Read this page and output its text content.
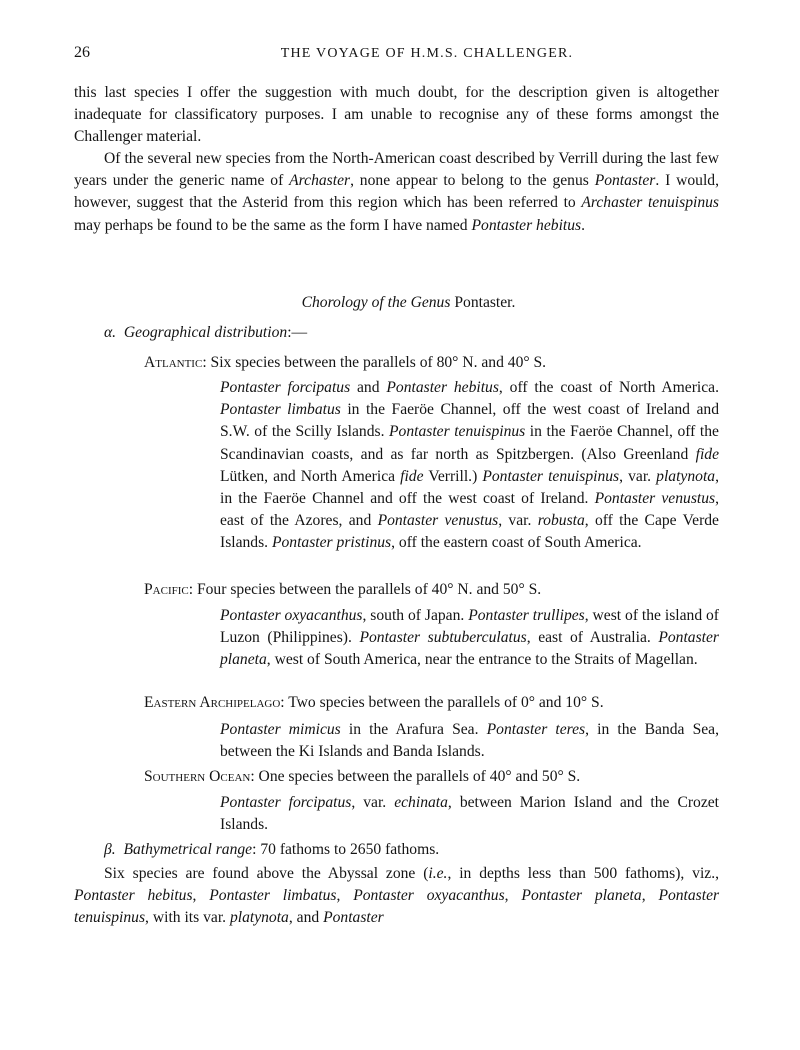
26	THE VOYAGE OF H.M.S. CHALLENGER.

this last species I offer the suggestion with much doubt, for the description given is altogether inadequate for classificatory purposes. I am unable to recognise any of these forms amongst the Challenger material.

Of the several new species from the North-American coast described by Verrill during the last few years under the generic name of Archaster, none appear to belong to the genus Pontaster. I would, however, suggest that the Asterid from this region which has been referred to Archaster tenuispinus may perhaps be found to be the same as the form I have named Pontaster hebitus.

Chorology of the Genus Pontaster.
α. Geographical distribution:—
Atlantic: Six species between the parallels of 80° N. and 40° S.
Pontaster forcipatus and Pontaster hebitus, off the coast of North America. Pontaster limbatus in the Faeröe Channel, off the west coast of Ireland and S.W. of the Scilly Islands. Pontaster tenuispinus in the Faeröe Channel, off the Scandinavian coasts, and as far north as Spitzbergen. (Also Greenland fide Lütken, and North America fide Verrill.) Pontaster tenuispinus, var. platynota, in the Faeröe Channel and off the west coast of Ireland. Pontaster venustus, east of the Azores, and Pontaster venustus, var. robusta, off the Cape Verde Islands. Pontaster pristinus, off the eastern coast of South America.
Pacific: Four species between the parallels of 40° N. and 50° S.
Pontaster oxyacanthus, south of Japan. Pontaster trullipes, west of the island of Luzon (Philippines). Pontaster subtuberculatus, east of Australia. Pontaster planeta, west of South America, near the entrance to the Straits of Magellan.
Eastern Archipelago: Two species between the parallels of 0° and 10° S.
Pontaster mimicus in the Arafura Sea. Pontaster teres, in the Banda Sea, between the Ki Islands and Banda Islands.
Southern Ocean: One species between the parallels of 40° and 50° S.
Pontaster forcipatus, var. echinata, between Marion Island and the Crozet Islands.
β. Bathymetrical range: 70 fathoms to 2650 fathoms.

Six species are found above the Abyssal zone (i.e., in depths less than 500 fathoms), viz., Pontaster hebitus, Pontaster limbatus, Pontaster oxyacanthus, Pontaster planeta, Pontaster tenuispinus, with its var. platynota, and Pontaster
